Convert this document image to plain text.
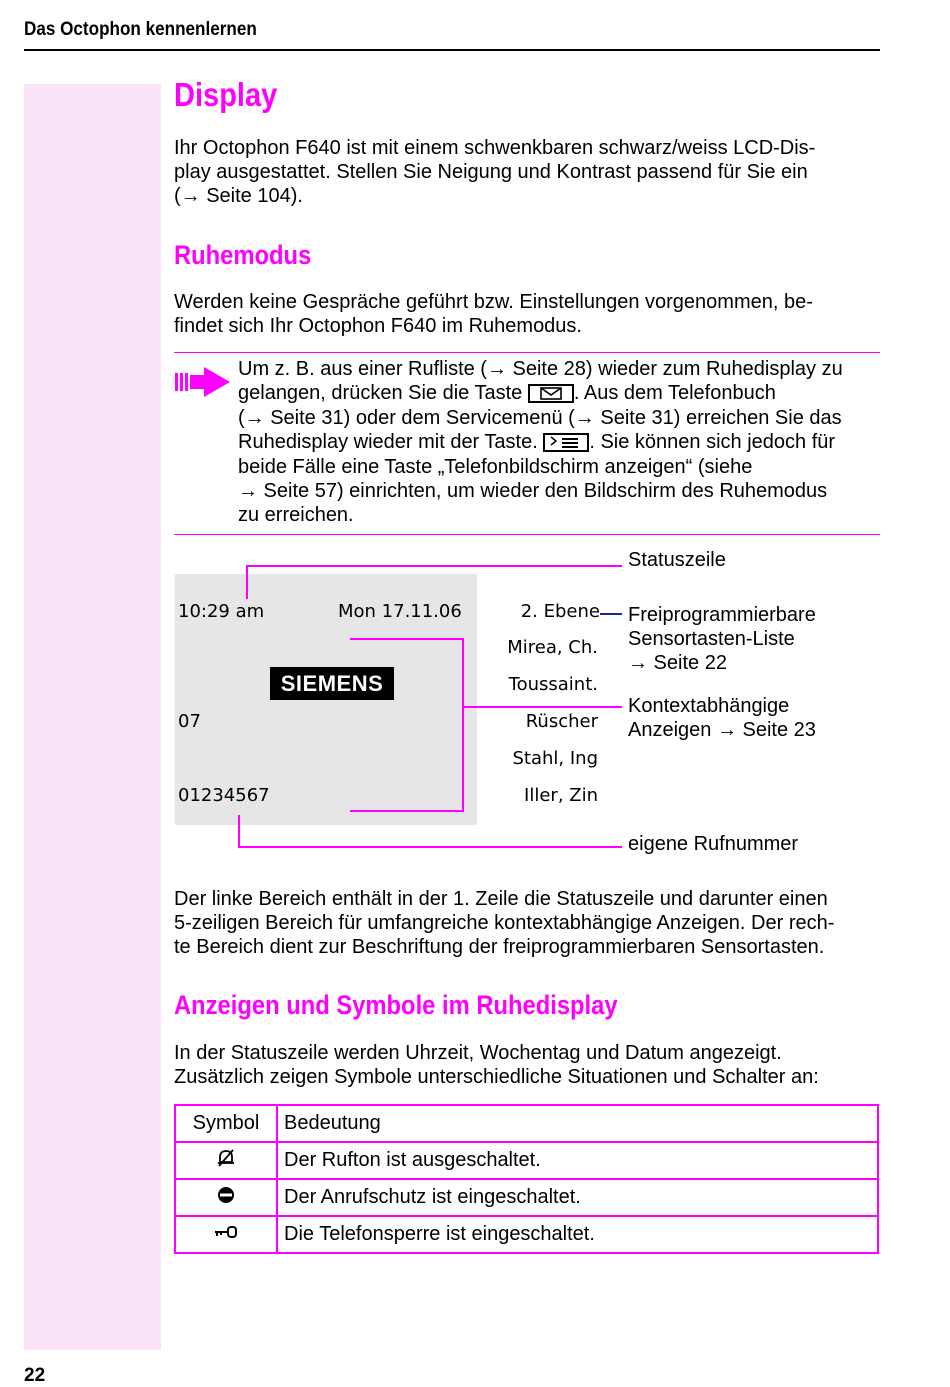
Das Octophon kennenlernen
Display
Ihr Octophon F640 ist mit einem schwenkbaren schwarz/weiss LCD-Dis-
play ausgestattet. Stellen Sie Neigung und Kontrast passend für Sie ein
(→ Seite 104).
Ruhemodus
Werden keine Gespräche geführt bzw. Einstellungen vorgenommen, be-
findet sich Ihr Octophon F640 im Ruhemodus.
Um z. B. aus einer Rufliste (→ Seite 28) wieder zum Ruhedisplay zu
gelangen, drücken Sie die Taste . Aus dem Telefonbuch
(→ Seite 31) oder dem Servicemenü (→ Seite 31) erreichen Sie das
Ruhedisplay wieder mit der Taste. . Sie können sich jedoch für
beide Fälle eine Taste „Telefonbildschirm anzeigen“ (siehe
→ Seite 57) einrichten, um wieder den Bildschirm des Ruhemodus
zu erreichen.
10:29 am	Mon 17.11.06
SIEMENS
07
01234567
2. Ebene
Mirea, Ch.
Toussaint.
Rüscher
Stahl, Ing
Iller, Zin
Statuszeile
Freiprogrammierbare
Sensortasten-Liste
→ Seite 22
Kontextabhängige
Anzeigen → Seite 23
eigene Rufnummer
Der linke Bereich enthält in der 1. Zeile die Statuszeile und darunter einen
5-zeiligen Bereich für umfangreiche kontextabhängige Anzeigen. Der rech-
te Bereich dient zur Beschriftung der freiprogrammierbaren Sensortasten.
Anzeigen und Symbole im Ruhedisplay
In der Statuszeile werden Uhrzeit, Wochentag und Datum angezeigt.
Zusätzlich zeigen Symbole unterschiedliche Situationen und Schalter an:
Symbol	Bedeutung
	Der Rufton ist ausgeschaltet.
	Der Anrufschutz ist eingeschaltet.
	Die Telefonsperre ist eingeschaltet.
22
